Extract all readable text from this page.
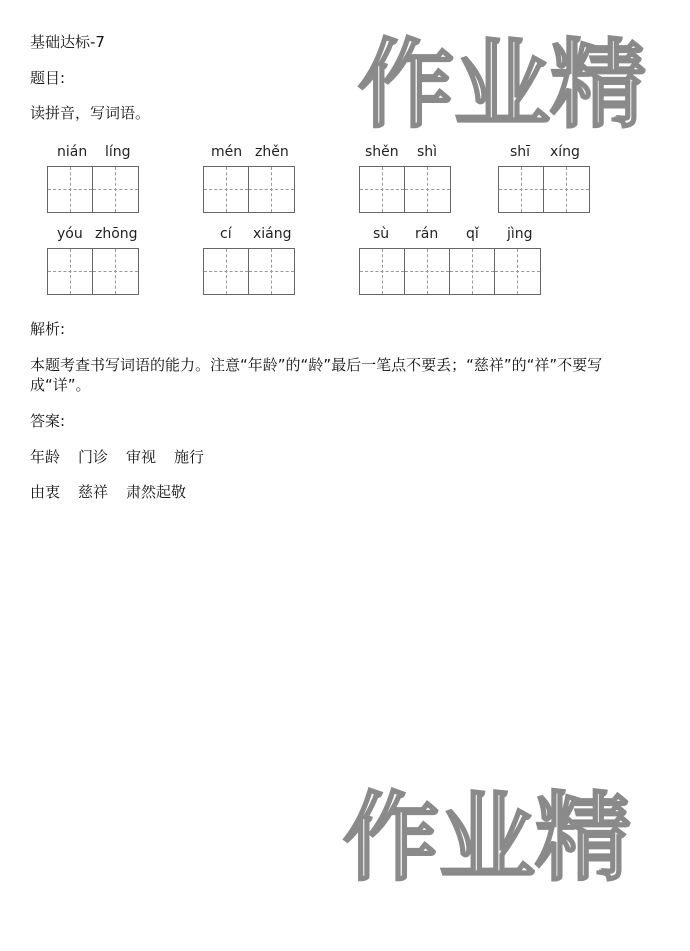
作业精
作业精
基础达标-7
题目:
读拼音，写词语。
nián líng	mén zhěn	shěn shì	shī xíng
yóu zhōng	cí xiáng	sù rán qǐ jìng
解析:
本题考查书写词语的能力。注意“年龄”的“龄”最后一笔点不要丢；“慈祥”的“祥”不要写成“详”。
答案:
年龄 门诊 审视 施行
由衷 慈祥 肃然起敬
